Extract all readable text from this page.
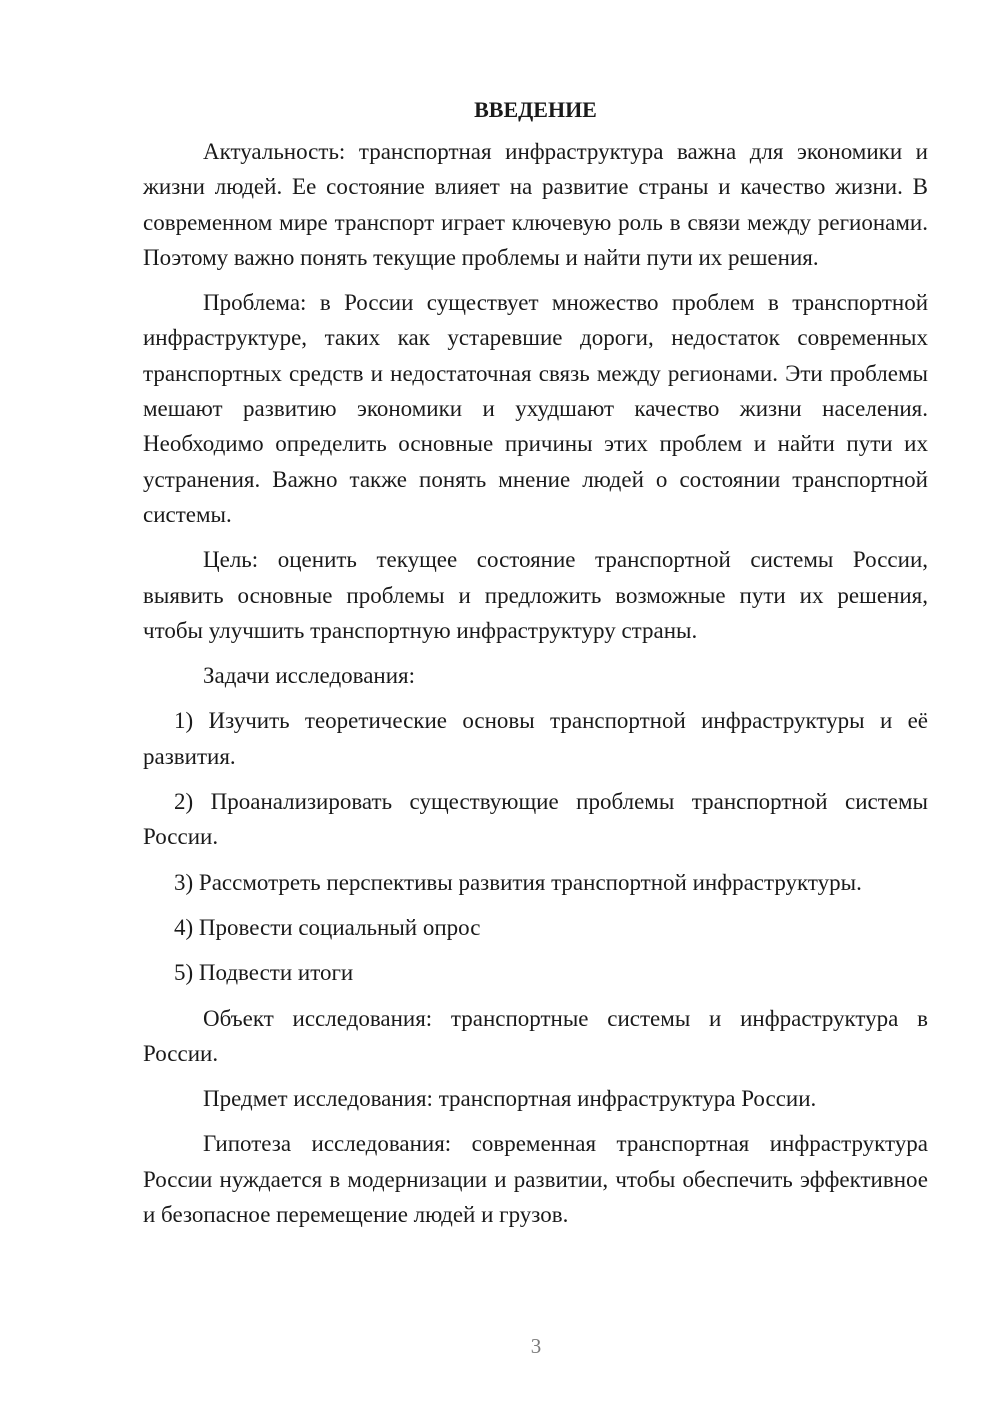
ВВЕДЕНИЕ

Актуальность: транспортная инфраструктура важна для экономики и жизни людей. Ее состояние влияет на развитие страны и качество жизни. В современном мире транспорт играет ключевую роль в связи между регионами. Поэтому важно понять текущие проблемы и найти пути их решения.

Проблема: в России существует множество проблем в транспортной инфраструктуре, таких как устаревшие дороги, недостаток современных транспортных средств и недостаточная связь между регионами. Эти проблемы мешают развитию экономики и ухудшают качество жизни населения. Необходимо определить основные причины этих проблем и найти пути их устранения. Важно также понять мнение людей о состоянии транспортной системы.

Цель: оценить текущее состояние транспортной системы России, выявить основные проблемы и предложить возможные пути их решения, чтобы улучшить транспортную инфраструктуру страны.

Задачи исследования:

1) Изучить теоретические основы транспортной инфраструктуры и её развития.

2) Проанализировать существующие проблемы транспортной системы России.

3) Рассмотреть перспективы развития транспортной инфраструктуры.

4) Провести социальный опрос

5) Подвести итоги

Объект исследования: транспортные системы и инфраструктура в России.

Предмет исследования: транспортная инфраструктура России.

Гипотеза исследования: современная транспортная инфраструктура России нуждается в модернизации и развитии, чтобы обеспечить эффективное и безопасное перемещение людей и грузов.

3
